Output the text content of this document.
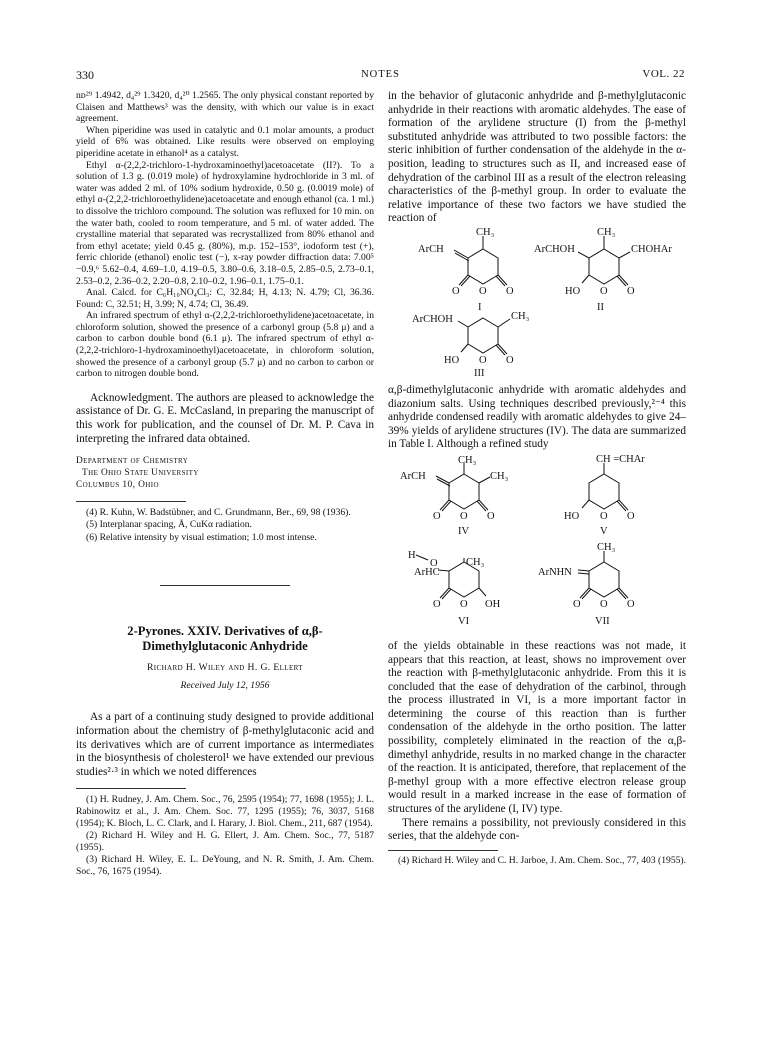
330	NOTES	VOL. 22

nᴅ²⁹ 1.4942, d₄²⁹ 1.3420, d₄²⁰ 1.2565. The only physical constant reported by Claisen and Matthews³ was the density, with which our value is in exact agreement.

When piperidine was used in catalytic and 0.1 molar amounts, a product yield of 6% was obtained. Like results were observed on employing piperidine acetate in ethanol⁴ as a catalyst.

Ethyl α-(2,2,2-trichloro-1-hydroxaminoethyl)acetoacetate (II?). To a solution of 1.3 g. (0.019 mole) of hydroxylamine hydrochloride in 3 ml. of water was added 2 ml. of 10% sodium hydroxide, 0.50 g. (0.0019 mole) of ethyl α-(2,2,2-trichloroethylidene)acetoacetate and enough ethanol (ca. 1 ml.) to dissolve the trichloro compound. The solution was refluxed for 10 min. on the water bath, cooled to room temperature, and 5 ml. of water added. The crystalline material that separated was recrystallized from 80% ethanol and from ethyl acetate; yield 0.45 g. (80%), m.p. 152–153°, iodoform test (+), ferric chloride (ethanol) enolic test (−), x-ray powder diffraction data: 7.00⁵ −0.9,⁶ 5.62–0.4, 4.69–1.0, 4.19–0.5, 3.80–0.6, 3.18–0.5, 2.85–0.5, 2.73–0.1, 2.53–0.2, 2.36–0.2, 2.20–0.8, 2.10–0.2, 1.96–0.1, 1.75–0.1.

Anal. Calcd. for C₆H₁₀NO₄Cl₃: C, 32.84; H, 4.13; N. 4.79; Cl, 36.36. Found: C, 32.51; H, 3.99; N, 4.74; Cl, 36.49.

An infrared spectrum of ethyl α-(2,2,2-trichloroethylidene)acetoacetate, in chloroform solution, showed the presence of a carbonyl group (5.8 μ) and a carbon to carbon double bond (6.1 μ). The infrared spectrum of ethyl α-(2,2,2-trichloro-1-hydroxaminoethyl)acetoacetate, in chloroform solution, showed the presence of a carbonyl group (5.7 μ) and no carbon to carbon or carbon to nitrogen double bond.

Acknowledgment. The authors are pleased to acknowledge the assistance of Dr. G. E. McCasland, in preparing the manuscript of this work for publication, and the counsel of Dr. M. P. Cava in interpreting the infrared data obtained.

Department of Chemistry
The Ohio State University
Columbus 10, Ohio

(4) R. Kuhn, W. Badstübner, and C. Grundmann, Ber., 69, 98 (1936).

(5) Interplanar spacing, Å, CuKα radiation.

(6) Relative intensity by visual estimation; 1.0 most intense.

2-Pyrones. XXIV. Derivatives of α,β-Dimethylglutaconic Anhydride
Richard H. Wiley and H. G. Ellert
Received July 12, 1956

As a part of a continuing study designed to provide additional information about the chemistry of β-methylglutaconic acid and its derivatives which are of current importance as intermediates in the biosynthesis of cholesterol¹ we have extended our previous studies²·³ in which we noted differences

(1) H. Rudney, J. Am. Chem. Soc., 76, 2595 (1954); 77, 1698 (1955); J. L. Rabinowitz et al., J. Am. Chem. Soc. 77, 1295 (1955); 76, 3037, 5168 (1954); K. Bloch, L. C. Clark, and I. Harary, J. Biol. Chem., 211, 687 (1954).

(2) Richard H. Wiley and H. G. Ellert, J. Am. Chem. Soc., 77, 5187 (1955).

(3) Richard H. Wiley, E. L. DeYoung, and N. R. Smith, J. Am. Chem. Soc., 76, 1675 (1954).

in the behavior of glutaconic anhydride and β-methylglutaconic anhydride in their reactions with aromatic aldehydes. The ease of formation of the arylidene structure (I) from the β-methyl substituted anhydride was attributed to two possible factors: the steric inhibition of further condensation of the aldehyde in the α-position, leading to structures such as II, and increased ease of dehydration of the carbinol III as a result of the electron releasing characteristics of the β-methyl group. In order to evaluate the relative importance of these two factors we have studied the reaction of

CH₃
ArCH
O O O
I
CH₃
ArCHOH	CHOHAr
HO O O
II
CH₃
ArCHOH
HO O O
III

α,β-dimethylglutaconic anhydride with aromatic aldehydes and diazonium salts. Using techniques described previously,²⁻⁴ this anhydride condensed readily with aromatic aldehydes to give 24–39% yields of arylidene structures (IV). The data are summarized in Table I. Although a refined study

CH₃
CH₃
ArCH
O O O
IV
CH =CHAr
HO O O
V
H
O	CH₃
ArHC
O O OH
VI
CH₃
ArNHN
O O O
VII

of the yields obtainable in these reactions was not made, it appears that this reaction, at least, shows no improvement over the reaction with β-methylglutaconic anhydride. From this it is concluded that the ease of dehydration of the carbinol, through the process illustrated in VI, is a more important factor in determining the course of this reaction than is further condensation of the aldehyde in the ortho position. The latter possibility, completely eliminated in the reaction of the α,β-dimethyl anhydride, results in no marked change in the character of the reaction. It is anticipated, therefore, that replacement of the β-methyl group with a more effective electron release group would result in a marked increase in the ease of formation of structures of the arylidene (I, IV) type.

There remains a possibility, not previously considered in this series, that the aldehyde con-

(4) Richard H. Wiley and C. H. Jarboe, J. Am. Chem. Soc., 77, 403 (1955).
